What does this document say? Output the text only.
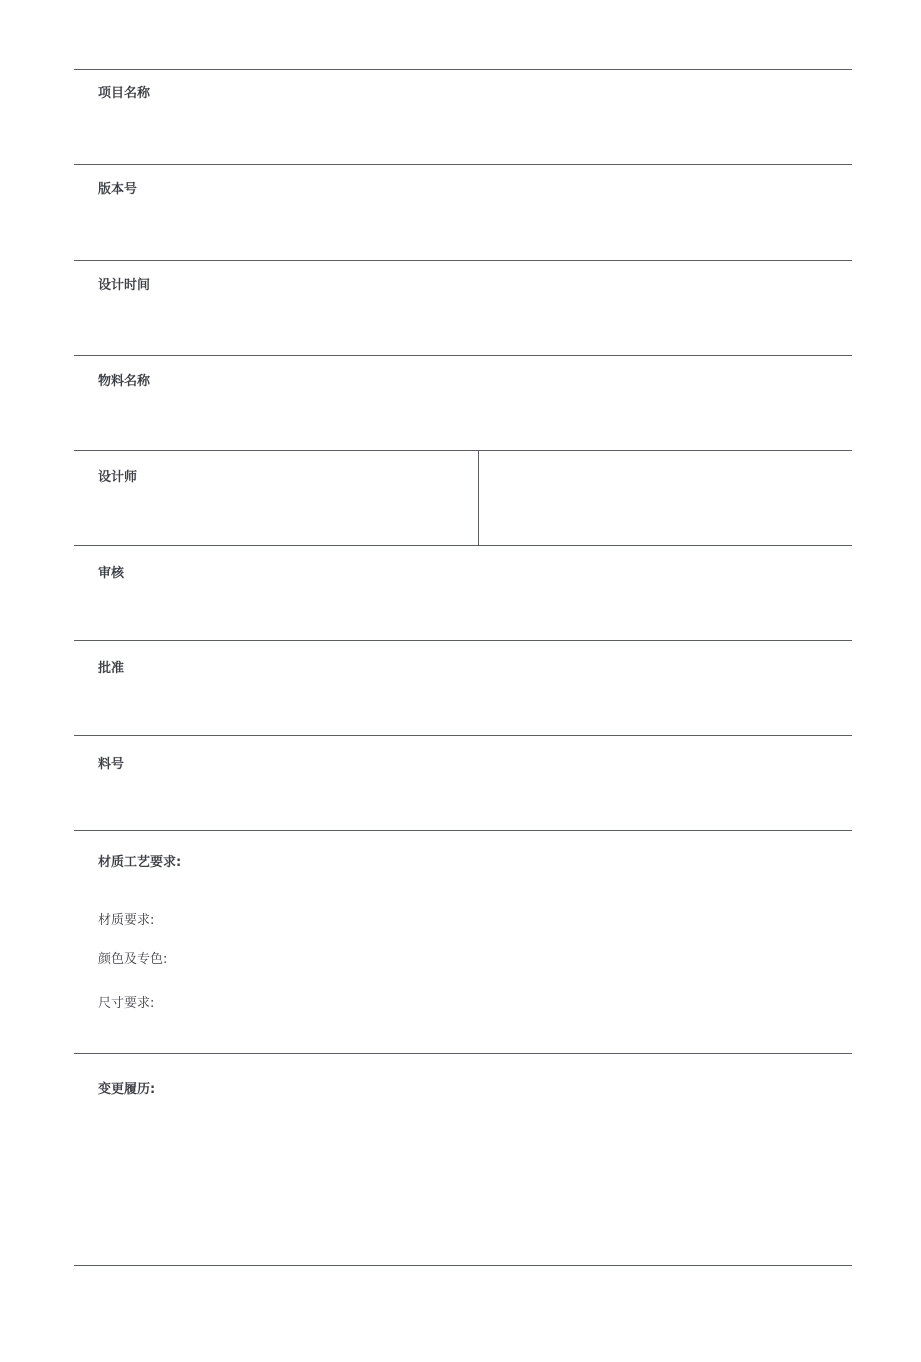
项目名称
版本号
设计时间
物料名称
设计师
审核
批准
料号
材质工艺要求:
材质要求:
颜色及专色:
尺寸要求:
变更履历:
